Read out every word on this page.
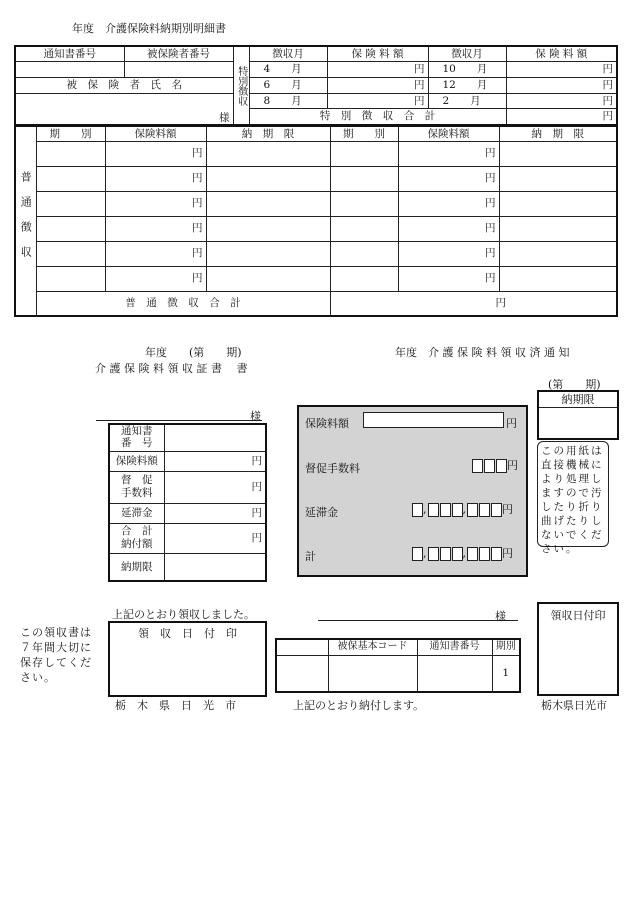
年度　介護保険料納期別明細書
通知書番号	被保険者番号	特別徴収	徴収月	保 険 料 額	徴収月	保 険 料 額
			4　　月	円	10　　月	円
被　保　険　者　氏　名			6　　月	円	12　　月	円
様			8　　月	円	2　　月	円
			特　別　徴　収　合　計			円
普通徴収	期　　別	保険料額	納　期　限	期　　別	保険料額	納　期　限
		円			円	
		円			円	
		円			円	
		円			円	
		円			円	
		円			円	
	普　通　徴　収　合　計			円		
年度　　(第　　期)
介 護 保 険 料 領 収 証 書　 書
年度　介 護 保 険 料 領 収 済 通 知
(第　　期)
様
通知書
番　号	
保険料額	円
督　促
手数料	円
延滞金	円
合　計
納付額	円
納期限	
保険料額	円
督促手数料	円
延滞金	,	,	円
計	,	,	円
納期限
この用紙は直接機械により処理しますので汚したり折り曲げたりしないでください。
上記のとおり領収しました。
領　収　日　付　印
栃　木　県　日　光　市
この領収書は７年間大切に保存してください。
様
	被保基本コード	通知書番号	期別
			1
上記のとおり納付します。
領収日付印
栃木県日光市
